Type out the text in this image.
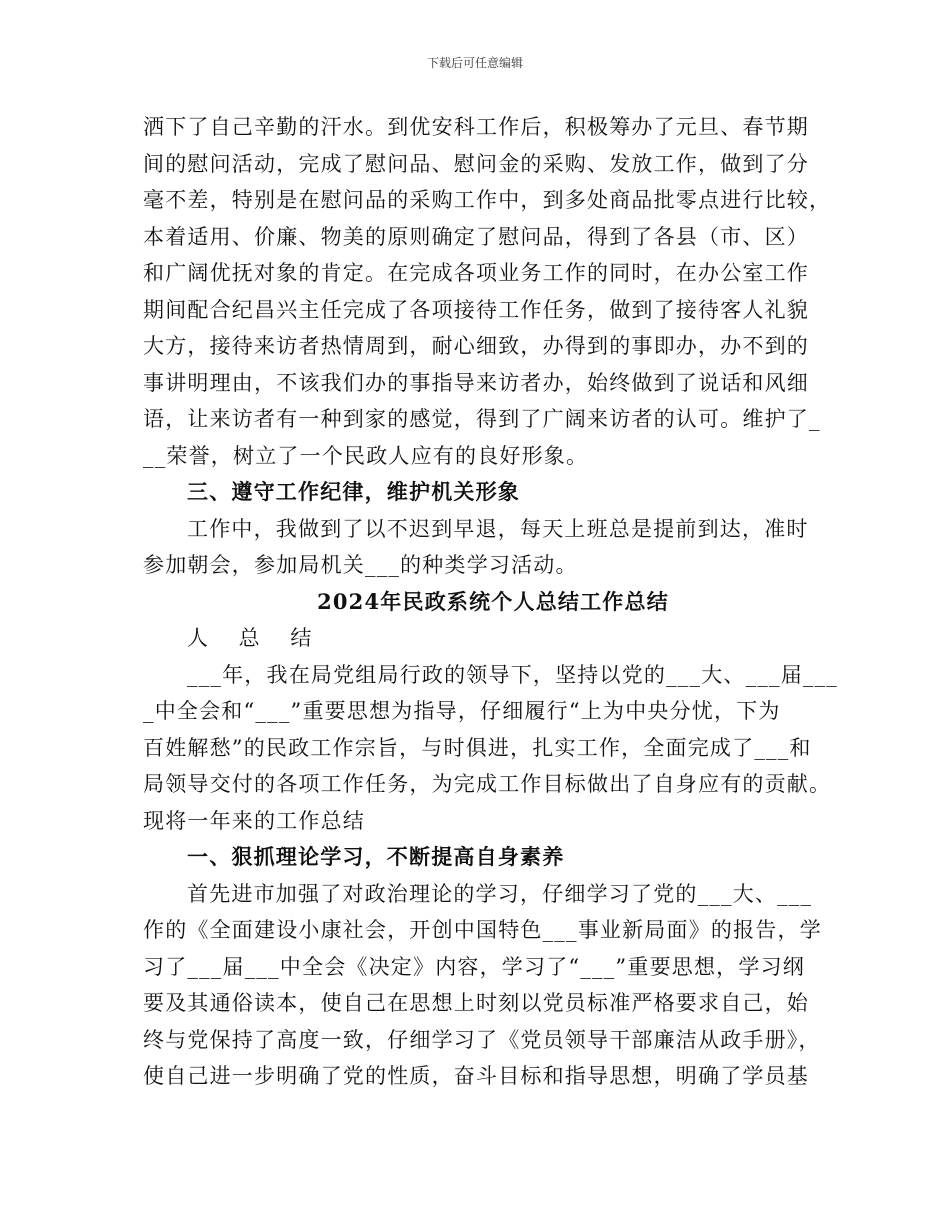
下载后可任意编辑
洒下了自己辛勤的汗水。到优安科工作后，积极筹办了元旦、春节期
间的慰问活动，完成了慰问品、慰问金的采购、发放工作，做到了分
毫不差，特别是在慰问品的采购工作中，到多处商品批零点进行比较，
本着适用、价廉、物美的原则确定了慰问品，得到了各县（市、区）
和广阔优抚对象的肯定。在完成各项业务工作的同时，在办公室工作
期间配合纪昌兴主任完成了各项接待工作任务，做到了接待客人礼貌
大方，接待来访者热情周到，耐心细致，办得到的事即办，办不到的
事讲明理由，不该我们办的事指导来访者办，始终做到了说话和风细
语，让来访者有一种到家的感觉，得到了广阔来访者的认可。维护了_
__荣誉，树立了一个民政人应有的良好形象。
三、遵守工作纪律，维护机关形象
工作中，我做到了以不迟到早退，每天上班总是提前到达，准时
参加朝会，参加局机关___的种类学习活动。
2024年民政系统个人总结工作总结
人 总 结
___年，我在局党组局行政的领导下，坚持以党的___大、___届___
_中全会和“___”重要思想为指导，仔细履行“上为中央分忧，下为
百姓解愁”的民政工作宗旨，与时俱进，扎实工作，全面完成了___和
局领导交付的各项工作任务，为完成工作目标做出了自身应有的贡献。
现将一年来的工作总结
一、狠抓理论学习，不断提高自身素养
首先进市加强了对政治理论的学习，仔细学习了党的___大、___
作的《全面建设小康社会，开创中国特色___事业新局面》的报告，学
习了___届___中全会《决定》内容，学习了“___”重要思想，学习纲
要及其通俗读本，使自己在思想上时刻以党员标准严格要求自己，始
终与党保持了高度一致，仔细学习了《党员领导干部廉洁从政手册》，
使自己进一步明确了党的性质，奋斗目标和指导思想，明确了学员基
